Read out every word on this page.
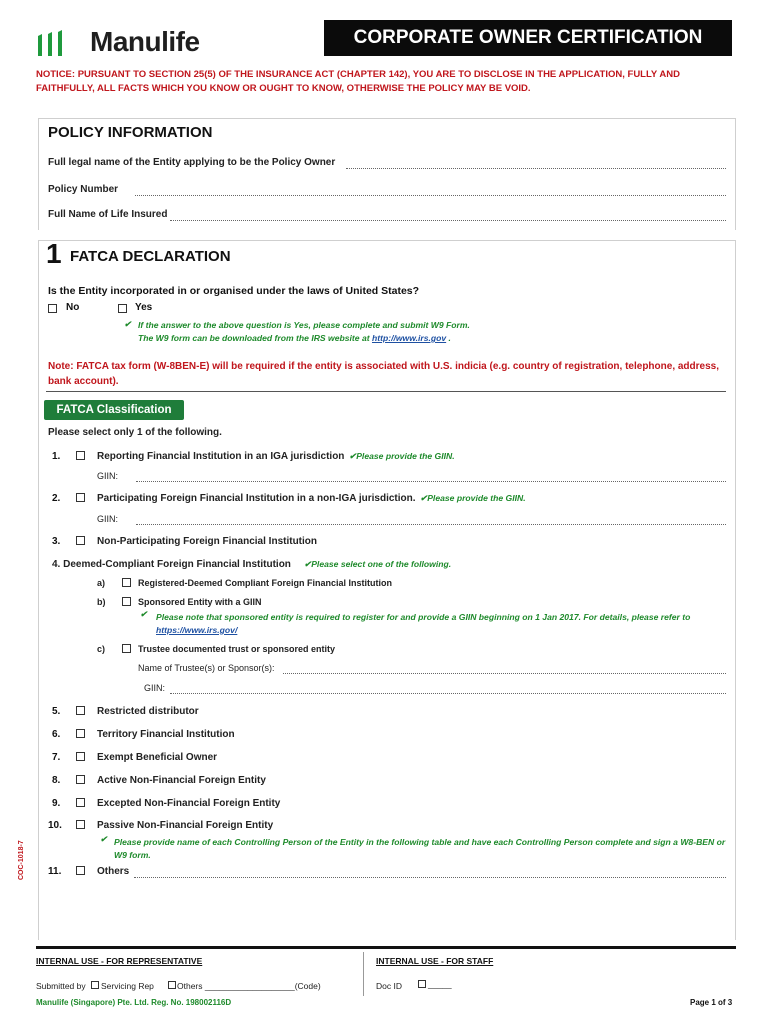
Manulife	CORPORATE OWNER CERTIFICATION
NOTICE: PURSUANT TO SECTION 25(5) OF THE INSURANCE ACT (CHAPTER 142), YOU ARE TO DISCLOSE IN THE APPLICATION, FULLY AND FAITHFULLY, ALL FACTS WHICH YOU KNOW OR OUGHT TO KNOW, OTHERWISE THE POLICY MAY BE VOID.
POLICY INFORMATION
Full legal name of the Entity applying to be the Policy Owner
Policy Number
Full Name of Life Insured
1 FATCA DECLARATION
Is the Entity incorporated in or organised under the laws of United States?
No	Yes
✔ If the answer to the above question is Yes, please complete and submit W9 Form.
The W9 form can be downloaded from the IRS website at http://www.irs.gov .
Note: FATCA tax form (W-8BEN-E) will be required if the entity is associated with U.S. indicia (e.g. country of registration, telephone, address, bank account).
FATCA Classification
Please select only 1 of the following.
1.	Reporting Financial Institution in an IGA jurisdiction ✔Please provide the GIIN.
GIIN:
2.	Participating Foreign Financial Institution in a non-IGA jurisdiction. ✔Please provide the GIIN.
GIIN:
3.	Non-Participating Foreign Financial Institution
4. Deemed-Compliant Foreign Financial Institution ✔Please select one of the following.
a)	Registered-Deemed Compliant Foreign Financial Institution
b)	Sponsored Entity with a GIIN
✔ Please note that sponsored entity is required to register for and provide a GIIN beginning on 1 Jan 2017. For details, please refer to https://www.irs.gov/
c)	Trustee documented trust or sponsored entity
Name of Trustee(s) or Sponsor(s):
GIIN:
5.	Restricted distributor
6.	Territory Financial Institution
7.	Exempt Beneficial Owner
8.	Active Non-Financial Foreign Entity
9.	Excepted Non-Financial Foreign Entity
10.	Passive Non-Financial Foreign Entity
✔ Please provide name of each Controlling Person of the Entity in the following table and have each Controlling Person complete and sign a W8-BEN or W9 form.
11.	Others
COC-1018-7
INTERNAL USE - FOR REPRESENTATIVE	INTERNAL USE - FOR STAFF
Submitted by Servicing Rep	Others ___________________(Code)	Doc ID	_____
Manulife (Singapore) Pte. Ltd. Reg. No. 198002116D	Page 1 of 3
